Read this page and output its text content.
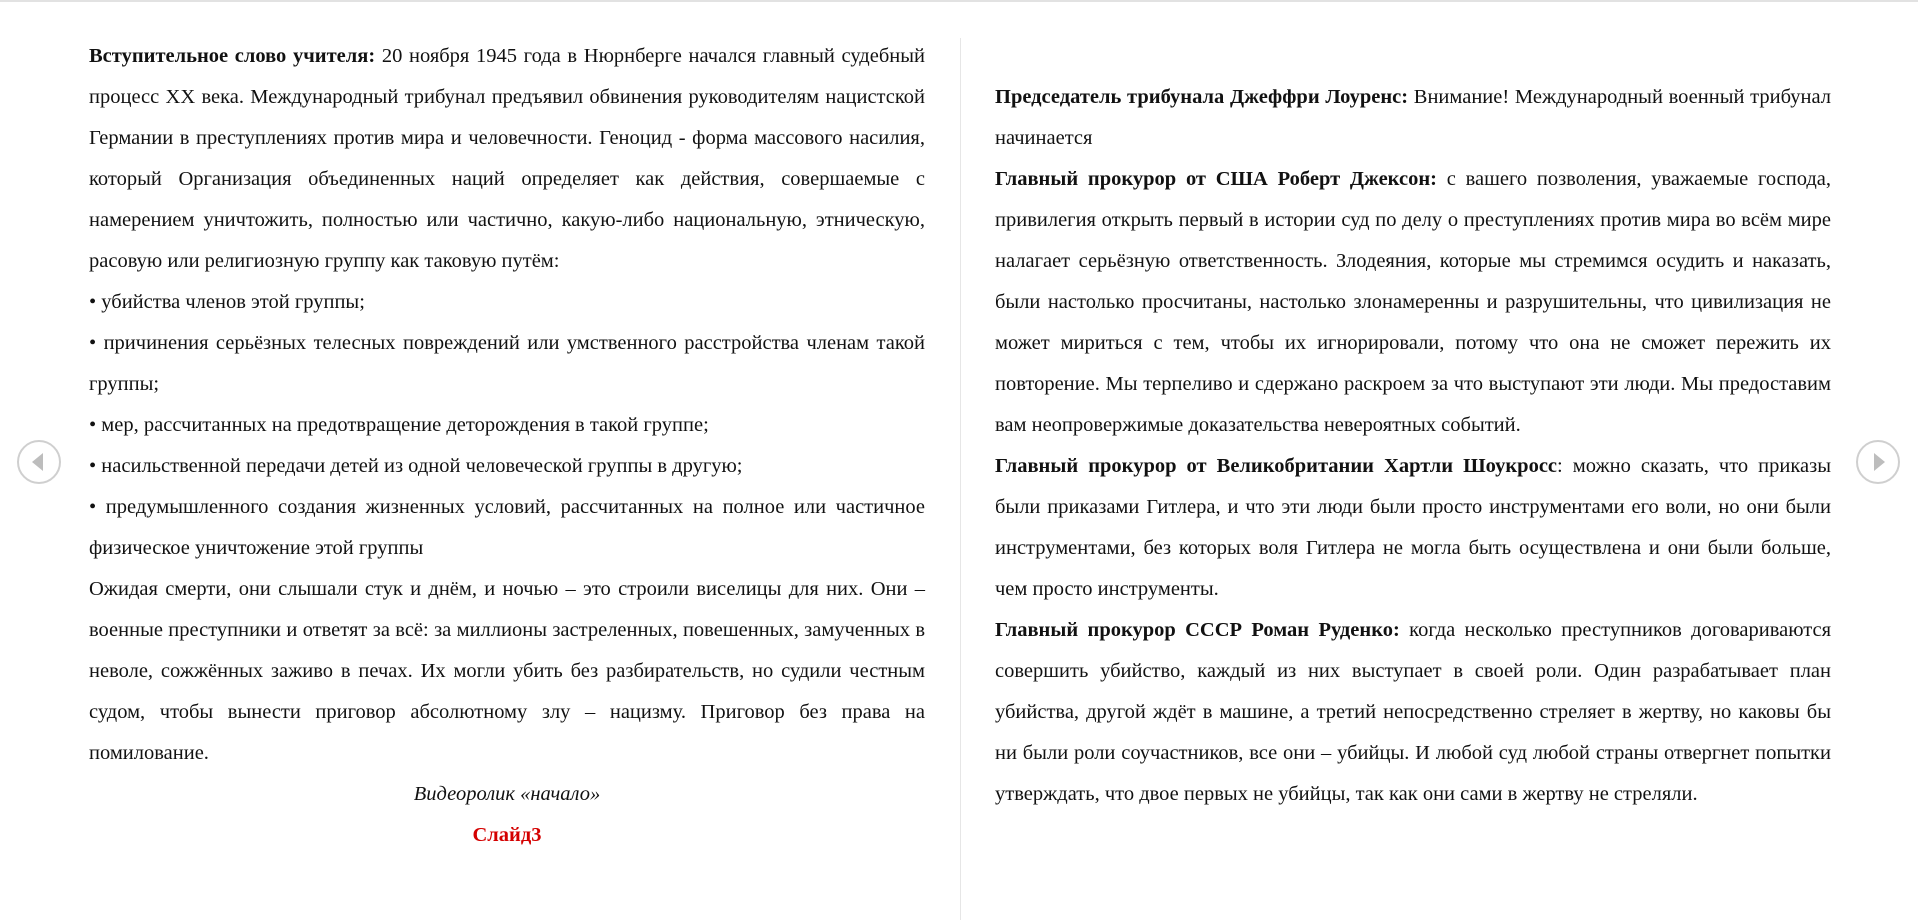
Вступительное слово учителя: 20 ноября 1945 года в Нюрнберге начался главный судебный процесс XX века. Международный трибунал предъявил обвинения руководителям нацистской Германии в преступлениях против мира и человечности. Геноцид - форма массового насилия, который Организация объединенных наций определяет как действия, совершаемые с намерением уничтожить, полностью или частично, какую-либо национальную, этническую, расовую или религиозную группу как таковую путём:

• убийства членов этой группы;

• причинения серьёзных телесных повреждений или умственного расстройства членам такой группы;

• мер, рассчитанных на предотвращение деторождения в такой группе;

• насильственной передачи детей из одной человеческой группы в другую;

• предумышленного создания жизненных условий, рассчитанных на полное или частичное физическое уничтожение этой группы

Ожидая смерти, они слышали стук и днём, и ночью – это строили виселицы для них. Они – военные преступники и ответят за всё: за миллионы застреленных, повешенных, замученных в неволе, сожжённых заживо в печах. Их могли убить без разбирательств, но судили честным судом, чтобы вынести приговор абсолютному злу – нацизму. Приговор без права на помилование.

Видеоролик «начало»

Слайд3

Председатель трибунала Джеффри Лоуренс: Внимание! Международный военный трибунал начинается

Главный прокурор от США Роберт Джексон: с вашего позволения, уважаемые господа, привилегия открыть первый в истории суд по делу о преступлениях против мира во всём мире налагает серьёзную ответственность. Злодеяния, которые мы стремимся осудить и наказать, были настолько просчитаны, настолько злонамеренны и разрушительны, что цивилизация не может мириться с тем, чтобы их игнорировали, потому что она не сможет пережить их повторение. Мы терпеливо и сдержано раскроем за что выступают эти люди. Мы предоставим вам неопровержимые доказательства невероятных событий.

Главный прокурор от Великобритании Хартли Шоукросс: можно сказать, что приказы были приказами Гитлера, и что эти люди были просто инструментами его воли, но они были инструментами, без которых воля Гитлера не могла быть осуществлена и они были больше, чем просто инструменты.

Главный прокурор СССР Роман Руденко: когда несколько преступников договариваются совершить убийство, каждый из них выступает в своей роли. Один разрабатывает план убийства, другой ждёт в машине, а третий непосредственно стреляет в жертву, но каковы бы ни были роли соучастников, все они – убийцы. И любой суд любой страны отвергнет попытки утверждать, что двое первых не убийцы, так как они сами в жертву не стреляли.
